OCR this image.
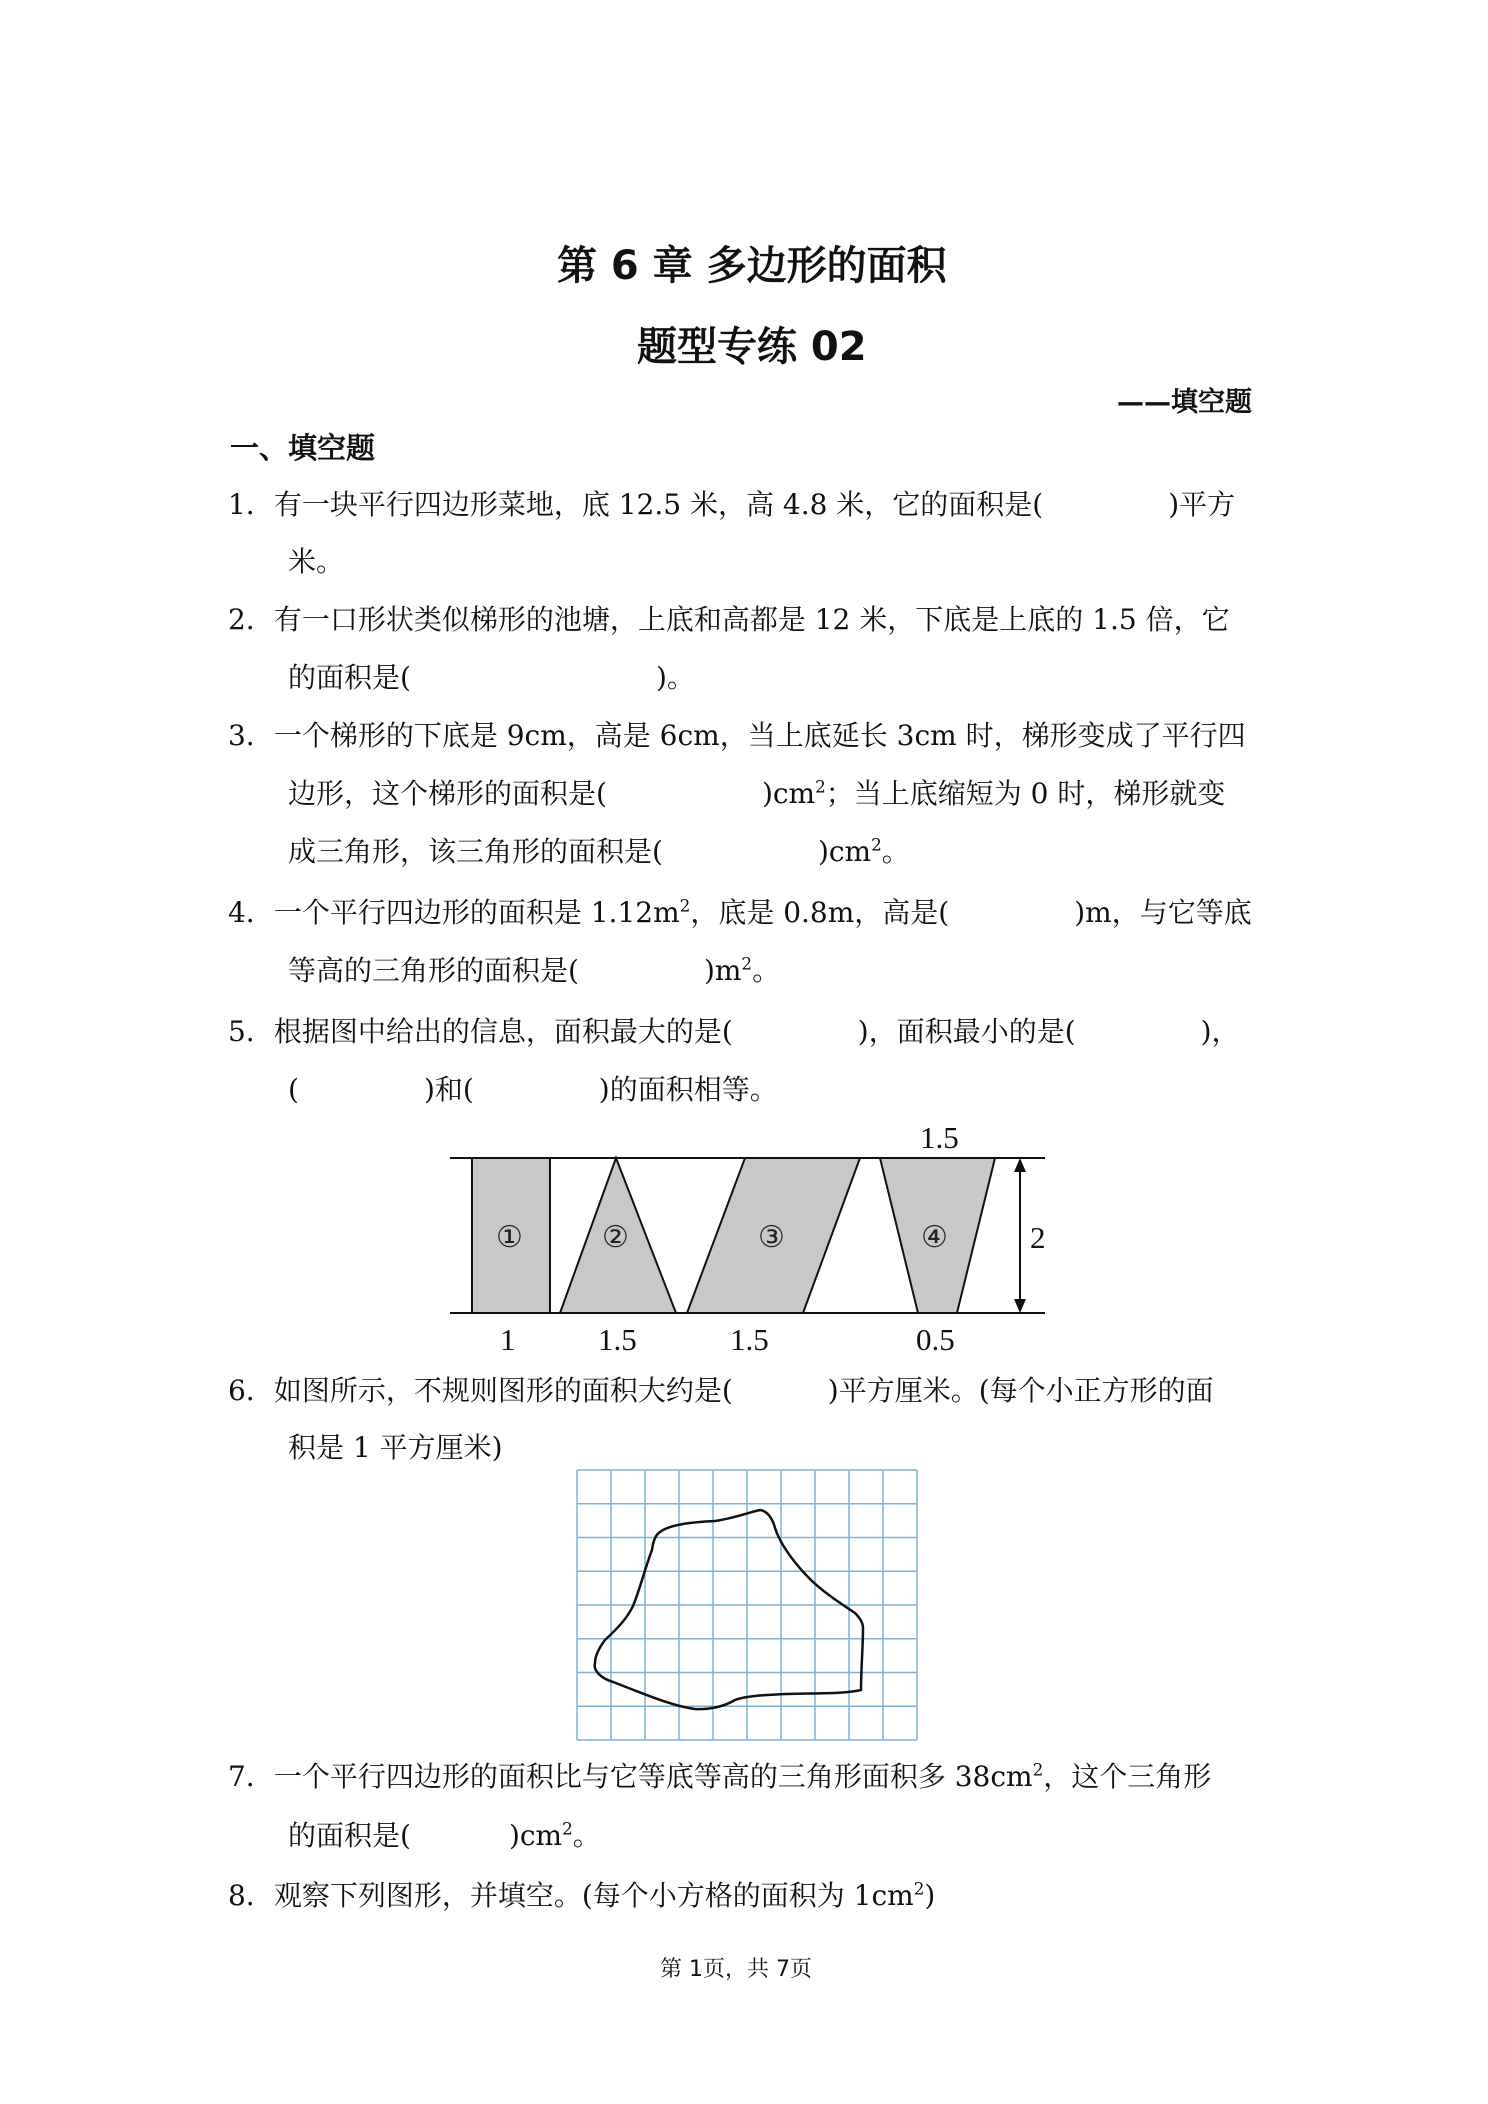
第 6 章 多边形的面积
题型专练 02
——填空题
一、填空题
1．有一块平行四边形菜地，底 12.5 米，高 4.8 米，它的面积是(	)平方
米。
2．有一口形状类似梯形的池塘，上底和高都是 12 米，下底是上底的 1.5 倍，它
的面积是(	)。
3．一个梯形的下底是 9cm，高是 6cm，当上底延长 3cm 时，梯形变成了平行四
边形，这个梯形的面积是(	)$cm^2$；当上底缩短为 0 时，梯形就变
成三角形，该三角形的面积是(	)$cm^2$。
4．一个平行四边形的面积是 $1.12m^2$，底是 0.8m，高是(	)m，与它等底
等高的三角形的面积是(	)$m^2$。
5．根据图中给出的信息，面积最大的是(	)，面积最小的是(	)，
(	)和(	)的面积相等。
①	②	③	④
1.5
2
1	1.5	1.5	0.5
6．如图所示，不规则图形的面积大约是(	)平方厘米。(每个小正方形的面
积是 1 平方厘米)
7．一个平行四边形的面积比与它等底等高的三角形面积多 $38cm^2$，这个三角形
的面积是(	)$cm^2$。
8．观察下列图形，并填空。(每个小方格的面积为 $1cm^2$)
第 1页，共 7页
